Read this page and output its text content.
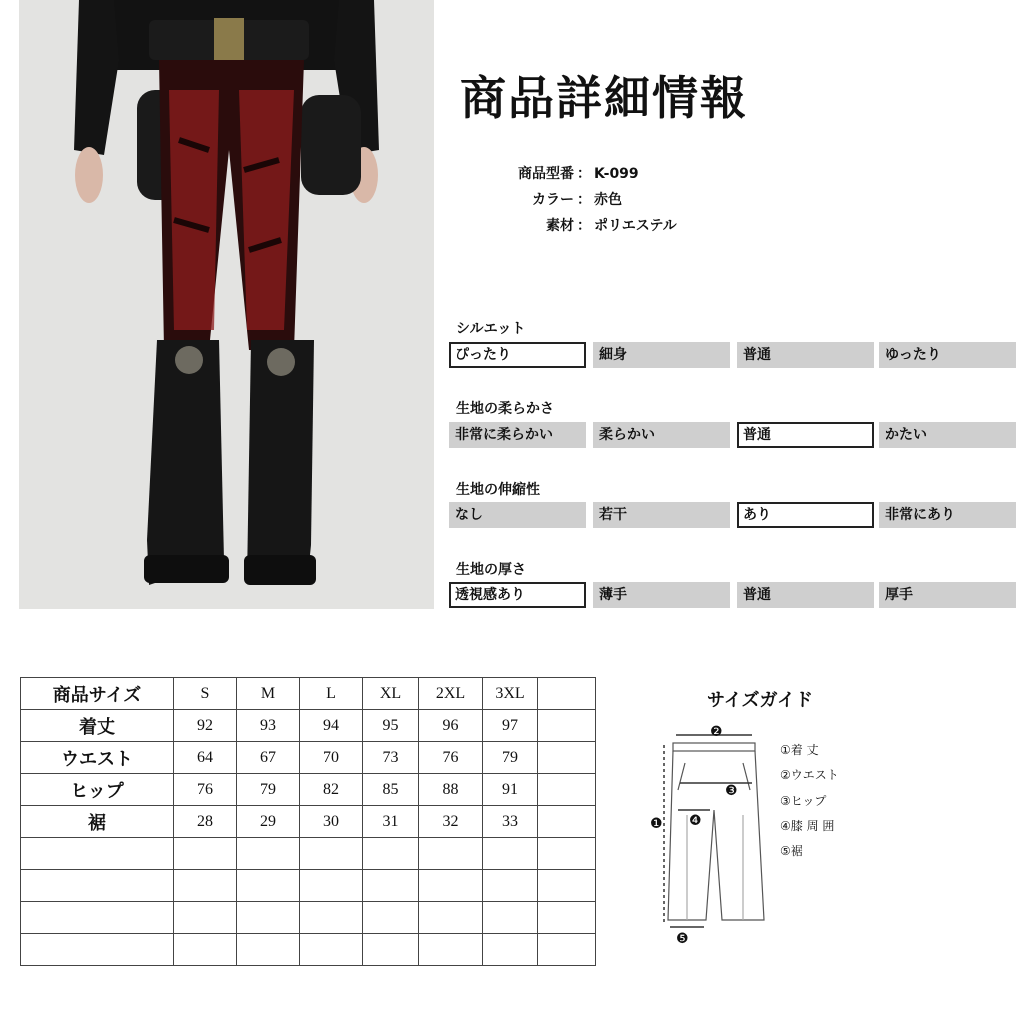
商品詳細情報
商品型番 ： K-099
カラー ： 赤色
素材 ： ポリエステル
シルエット
ぴったり	細身	普通	ゆったり
生地の柔らかさ
非常に柔らかい	柔らかい	普通	かたい
生地の伸縮性
なし	若干	あり	非常にあり
生地の厚さ
透視感あり	薄手	普通	厚手
商品サイズ	S	M	L	XL	2XL	3XL	
着丈	92	93	94	95	96	97	
ウエスト	64	67	70	73	76	79	
ヒップ	76	79	82	85	88	91	
裾	28	29	30	31	32	33	

サイズガイド
❷
❸
❹
❶
❺
①着 丈
②ウエスト
③ヒップ
④膝 周 囲
⑤裾
